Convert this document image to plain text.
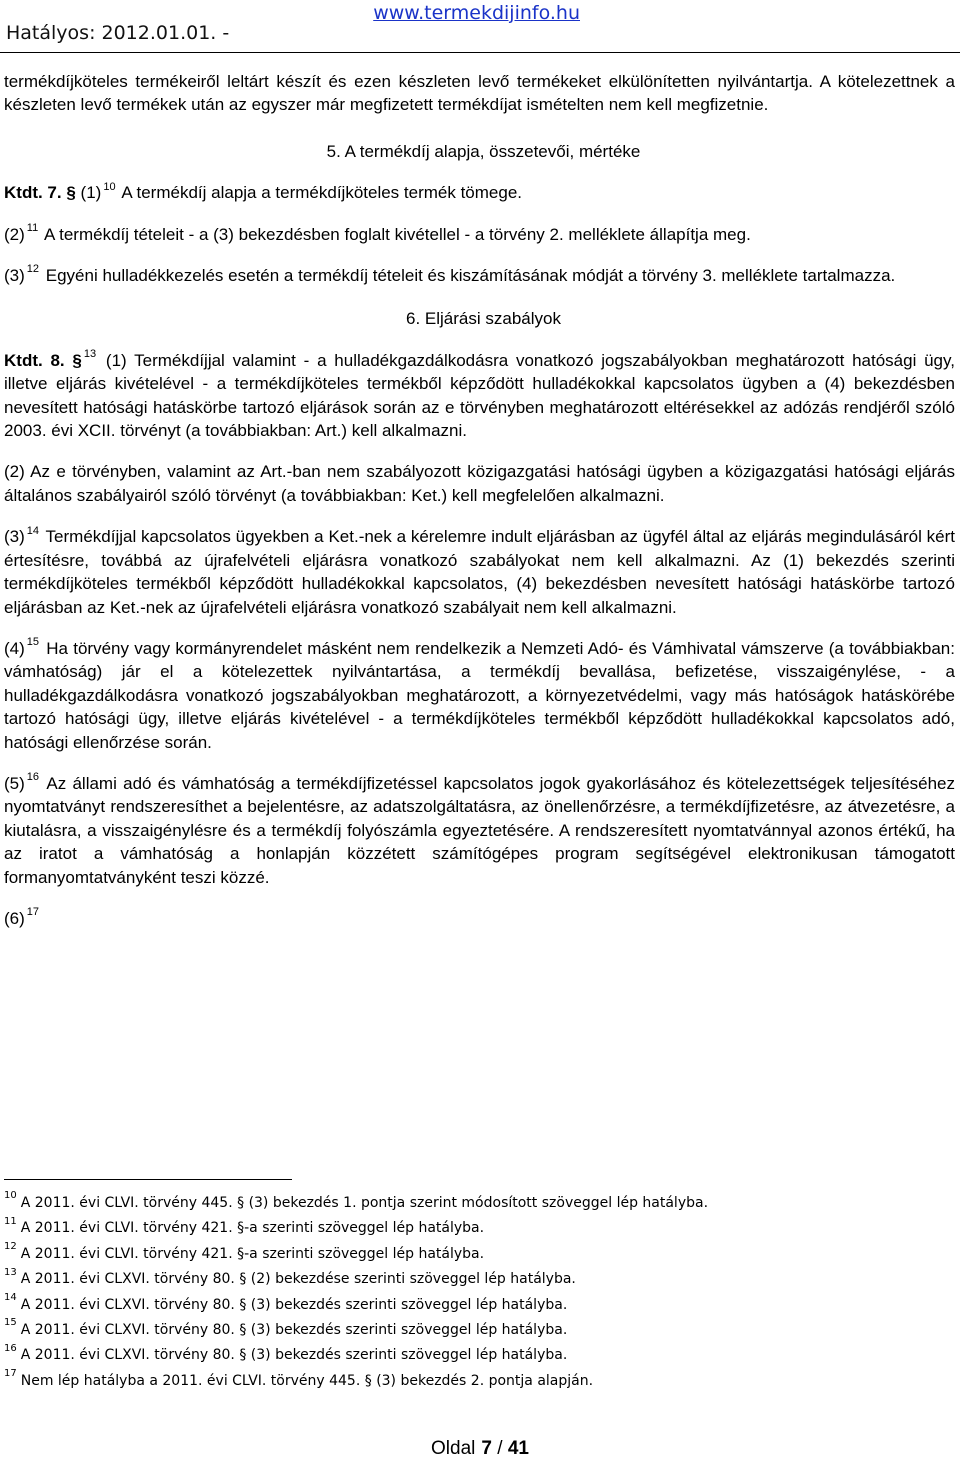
www.termekdijinfo.hu
Hatályos: 2012.01.01. -

termékdíjköteles termékeiről leltárt készít és ezen készleten levő termékeket elkülönítetten nyilvántartja. A kötelezettnek a készleten levő termékek után az egyszer már megfizetett termékdíjat ismételten nem kell megfizetnie.

5. A termékdíj alapja, összetevői, mértéke

Ktdt. 7. § (1) $^{10}$ A termékdíj alapja a termékdíjköteles termék tömege.

(2) $^{11}$ A termékdíj tételeit - a (3) bekezdésben foglalt kivétellel - a törvény 2. melléklete állapítja meg.

(3) $^{12}$ Egyéni hulladékkezelés esetén a termékdíj tételeit és kiszámításának módját a törvény 3. melléklete tartalmazza.

6. Eljárási szabályok

Ktdt. 8. § $^{13}$ (1) Termékdíjjal valamint - a hulladékgazdálkodásra vonatkozó jogszabályokban meghatározott hatósági ügy, illetve eljárás kivételével - a termékdíjköteles termékből képződött hulladékokkal kapcsolatos ügyben a (4) bekezdésben nevesített hatósági hatáskörbe tartozó eljárások során az e törvényben meghatározott eltérésekkel az adózás rendjéről szóló 2003. évi XCII. törvényt (a továbbiakban: Art.) kell alkalmazni.

(2) Az e törvényben, valamint az Art.-ban nem szabályozott közigazgatási hatósági ügyben a közigazgatási hatósági eljárás általános szabályairól szóló törvényt (a továbbiakban: Ket.) kell megfelelően alkalmazni.

(3) $^{14}$ Termékdíjjal kapcsolatos ügyekben a Ket.-nek a kérelemre indult eljárásban az ügyfél által az eljárás megindulásáról kért értesítésre, továbbá az újrafelvételi eljárásra vonatkozó szabályokat nem kell alkalmazni. Az (1) bekezdés szerinti termékdíjköteles termékből képződött hulladékokkal kapcsolatos, (4) bekezdésben nevesített hatósági hatáskörbe tartozó eljárásban az Ket.-nek az újrafelvételi eljárásra vonatkozó szabályait nem kell alkalmazni.

(4) $^{15}$ Ha törvény vagy kormányrendelet másként nem rendelkezik a Nemzeti Adó- és Vámhivatal vámszerve (a továbbiakban: vámhatóság) jár el a kötelezettek nyilvántartása, a termékdíj bevallása, befizetése, visszaigénylése, - a hulladékgazdálkodásra vonatkozó jogszabályokban meghatározott, a környezetvédelmi, vagy más hatóságok hatáskörébe tartozó hatósági ügy, illetve eljárás kivételével - a termékdíjköteles termékből képződött hulladékokkal kapcsolatos adó, hatósági ellenőrzése során.

(5) $^{16}$ Az állami adó és vámhatóság a termékdíjfizetéssel kapcsolatos jogok gyakorlásához és kötelezettségek teljesítéséhez nyomtatványt rendszeresíthet a bejelentésre, az adatszolgáltatásra, az önellenőrzésre, a termékdíjfizetésre, az átvezetésre, a kiutalásra, a visszaigénylésre és a termékdíj folyószámla egyeztetésére. A rendszeresített nyomtatvánnyal azonos értékű, ha az iratot a vámhatóság a honlapján közzétett számítógépes program segítségével elektronikusan támogatott formanyomtatványként teszi közzé.

(6) $^{17}$

$^{10}$ A 2011. évi CLVI. törvény 445. § (3) bekezdés 1. pontja szerint módosított szöveggel lép hatályba.
$^{11}$ A 2011. évi CLVI. törvény 421. §-a szerinti szöveggel lép hatályba.
$^{12}$ A 2011. évi CLVI. törvény 421. §-a szerinti szöveggel lép hatályba.
$^{13}$ A 2011. évi CLXVI. törvény 80. § (2) bekezdése szerinti szöveggel lép hatályba.
$^{14}$ A 2011. évi CLXVI. törvény 80. § (3) bekezdés szerinti szöveggel lép hatályba.
$^{15}$ A 2011. évi CLXVI. törvény 80. § (3) bekezdés szerinti szöveggel lép hatályba.
$^{16}$ A 2011. évi CLXVI. törvény 80. § (3) bekezdés szerinti szöveggel lép hatályba.
$^{17}$ Nem lép hatályba a 2011. évi CLVI. törvény 445. § (3) bekezdés 2. pontja alapján.
Oldal 7 / 41
